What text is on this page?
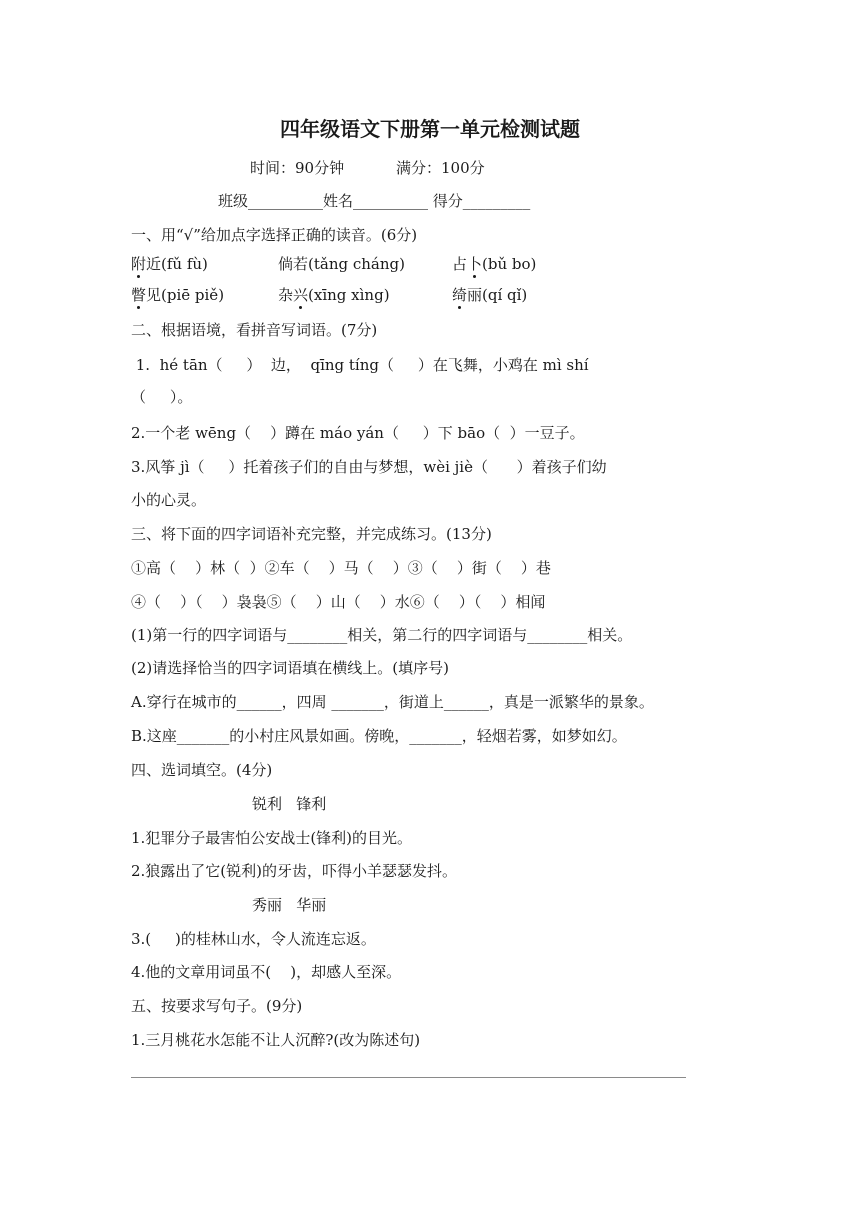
四年级语文下册第一单元检测试题
时间：90分钟	满分：100分
班级__________姓名__________ 得分_________
一、用“√”给加点字选择正确的读音。(6分)
附近(fǔ fù)	倘若(tǎng cháng)	占卜(bǔ bo)
瞥见(piē piě)	杂兴(xīng xìng)	绮丽(qí qǐ)
二、根据语境，看拼音写词语。(7分)
1.  hé tān（     ）  边，  qīng tíng（     ）在飞舞，小鸡在 mì shí
（     ）。
2.一个老 wēng（    ）蹲在 máo yán（     ）下 bāo（  ）一豆子。
3.风筝 jì（     ）托着孩子们的自由与梦想，wèi jiè（      ）着孩子们幼
小的心灵。
三、将下面的四字词语补充完整，并完成练习。(13分)
①高（    ）林（  ）②车（    ）马（    ）③（    ）街（    ）巷
④（    ）（    ）袅袅⑤（    ）山（    ）水⑥（    ）（    ）相闻
(1)第一行的四字词语与________相关，第二行的四字词语与________相关。
(2)请选择恰当的四字词语填在横线上。(填序号)
A.穿行在城市的______，四周 _______，街道上______，真是一派繁华的景象。
B.这座_______的小村庄风景如画。傍晚，_______，轻烟若雾，如梦如幻。
四、选词填空。(4分)
锐利   锋利
1.犯罪分子最害怕公安战士(锋利)的目光。
2.狼露出了它(锐利)的牙齿，吓得小羊瑟瑟发抖。
秀丽   华丽
3.(     )的桂林山水，令人流连忘返。
4.他的文章用词虽不(    )，却感人至深。
五、按要求写句子。(9分)
1.三月桃花水怎能不让人沉醉?(改为陈述句)
